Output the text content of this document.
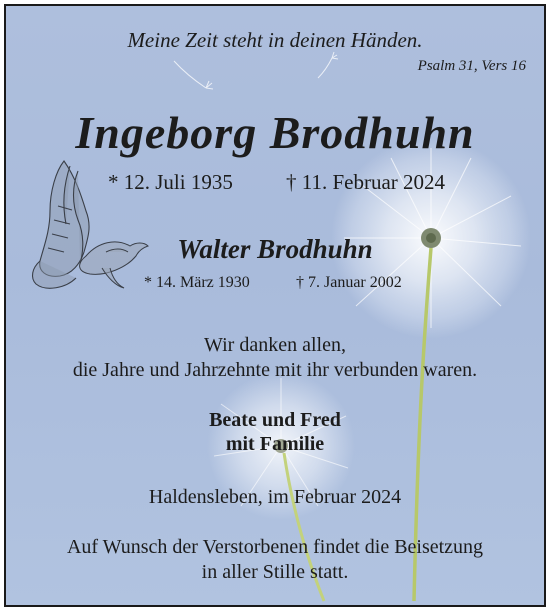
Meine Zeit steht in deinen Händen.
Psalm 31, Vers 16
Ingeborg Brodhuhn
* 12. Juli 1935	† 11. Februar 2024
Walter Brodhuhn
* 14. März 1930	† 7. Januar 2002
Wir danken allen,
die Jahre und Jahrzehnte mit ihr verbunden waren.
Beate und Fred
mit Familie
Haldensleben, im Februar 2024
Auf Wunsch der Verstorbenen findet die Beisetzung
in aller Stille statt.
